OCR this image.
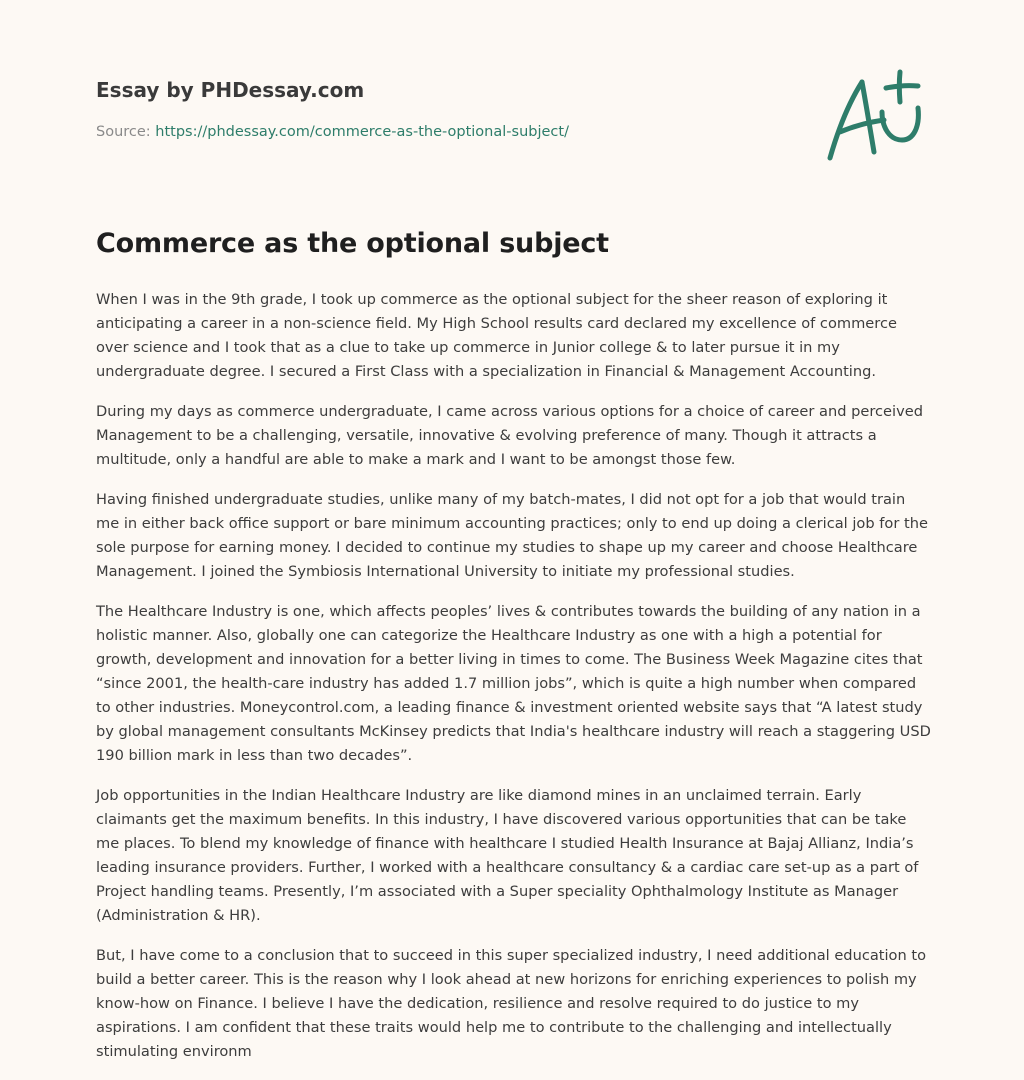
Essay by PHDessay.com
Source: https://phdessay.com/commerce-as-the-optional-subject/
Commerce as the optional subject

When I was in the 9th grade, I took up commerce as the optional subject for the sheer reason of exploring it anticipating a career in a non-science field. My High School results card declared my excellence of commerce over science and I took that as a clue to take up commerce in Junior college & to later pursue it in my undergraduate degree. I secured a First Class with a specialization in Financial & Management Accounting.

During my days as commerce undergraduate, I came across various options for a choice of career and perceived Management to be a challenging, versatile, innovative & evolving preference of many. Though it attracts a multitude, only a handful are able to make a mark and I want to be amongst those few.

Having finished undergraduate studies, unlike many of my batch-mates, I did not opt for a job that would train me in either back office support or bare minimum accounting practices; only to end up doing a clerical job for the sole purpose for earning money. I decided to continue my studies to shape up my career and choose Healthcare Management. I joined the Symbiosis International University to initiate my professional studies.

The Healthcare Industry is one, which affects peoples’ lives & contributes towards the building of any nation in a holistic manner. Also, globally one can categorize the Healthcare Industry as one with a high a potential for growth, development and innovation for a better living in times to come. The Business Week Magazine cites that “since 2001, the health-care industry has added 1.7 million jobs”, which is quite a high number when compared to other industries. Moneycontrol.com, a leading finance & investment oriented website says that “A latest study by global management consultants McKinsey predicts that India's healthcare industry will reach a staggering USD 190 billion mark in less than two decades”.

Job opportunities in the Indian Healthcare Industry are like diamond mines in an unclaimed terrain. Early claimants get the maximum benefits. In this industry, I have discovered various opportunities that can be take me places. To blend my knowledge of finance with healthcare I studied Health Insurance at Bajaj Allianz, India’s leading insurance providers. Further, I worked with a healthcare consultancy & a cardiac care set-up as a part of Project handling teams. Presently, I’m associated with a Super speciality Ophthalmology Institute as Manager (Administration & HR).

But, I have come to a conclusion that to succeed in this super specialized industry, I need additional education to build a better career. This is the reason why I look ahead at new horizons for enriching experiences to polish my know-how on Finance. I believe I have the dedication, resilience and resolve required to do justice to my aspirations. I am confident that these traits would help me to contribute to the challenging and intellectually stimulating environm
